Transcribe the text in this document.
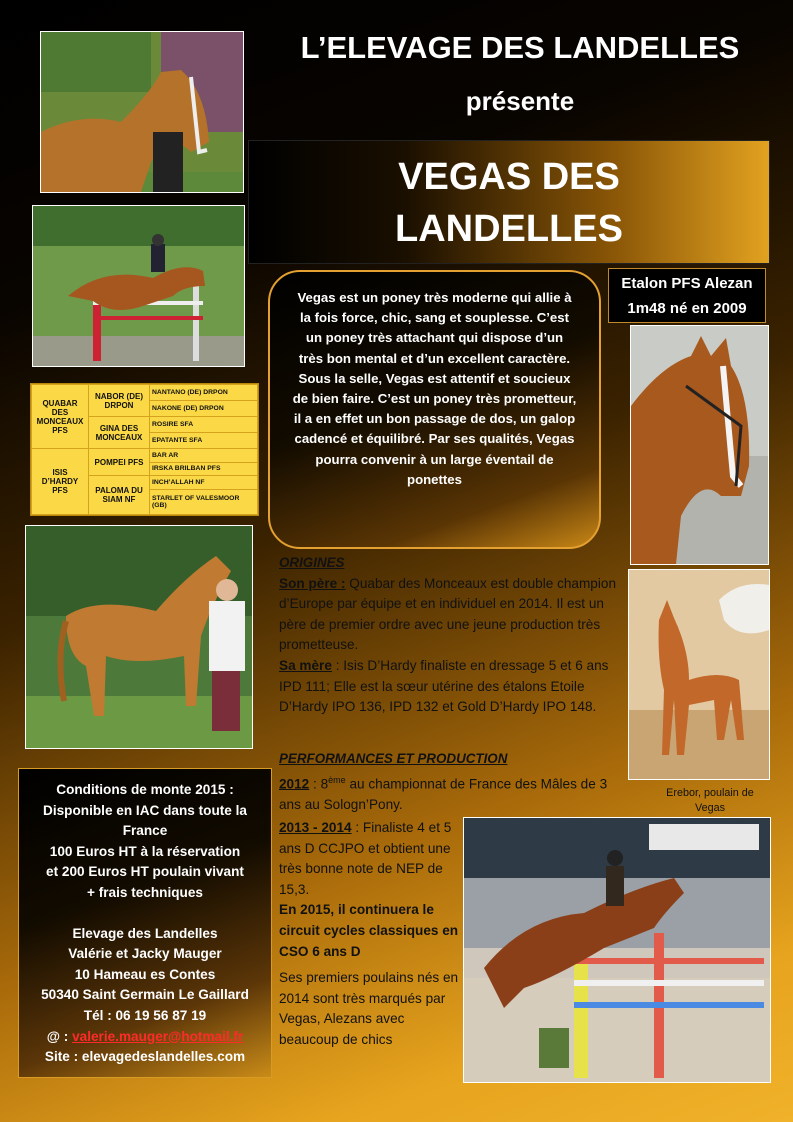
L’ELEVAGE DES LANDELLES
présente
VEGAS DES
LANDELLES
Etalon PFS Alezan
1m48 né en 2009
Vegas est un poney très moderne qui allie à la fois force, chic, sang et souplesse. C’est un poney très attachant qui dispose d’un très bon mental et d’un excellent caractère. Sous la selle, Vegas est attentif et soucieux de bien faire. C’est un poney très prometteur, il a en effet un bon passage de dos, un galop cadencé et équilibré. Par ses qualités, Vegas pourra convenir à un large éventail de ponettes
QUABAR DES MONCEAUX PFS	NABOR (DE) DRPON	NANTANO (DE) DRPON
		NAKONE (DE) DRPON
	GINA DES MONCEAUX	ROSIRE SFA
		EPATANTE SFA
ISIS D’HARDY PFS	POMPEI PFS	BAR AR
		IRSKA BRILBAN PFS
	PALOMA DU SIAM NF	INCH’ALLAH NF
		STARLET OF VALESMOOR (GB)
ORIGINES
Son père : Quabar des Monceaux est double champion d’Europe par équipe et en individuel en 2014. Il est un père de premier ordre avec une jeune production très prometteuse.
Sa mère : Isis D’Hardy finaliste en dressage 5 et 6 ans IPD 111; Elle est la sœur utérine des étalons Etoile D’Hardy IPO 136, IPD 132 et Gold D’Hardy IPO 148.
PERFORMANCES ET PRODUCTION
2012 : 8ème au championnat de France des Mâles de 3 ans au Sologn’Pony.
2013 - 2014 : Finaliste 4 et 5 ans D CCJPO et obtient une très bonne note de NEP de 15,3.
En 2015, il continuera le circuit cycles classiques en CSO 6 ans D
Ses premiers poulains nés en 2014 sont très marqués par Vegas, Alezans avec beaucoup de chics
Erebor, poulain de Vegas
Conditions de monte 2015 :
Disponible en IAC dans toute la
France
100 Euros HT à la réservation
et 200 Euros HT poulain vivant
+ frais techniques
Elevage des Landelles
Valérie et Jacky Mauger
10 Hameau es Contes
50340 Saint Germain Le Gaillard
Tél : 06 19 56 87 19
@ : valerie.mauger@hotmail.fr
Site : elevagedeslandelles.com
